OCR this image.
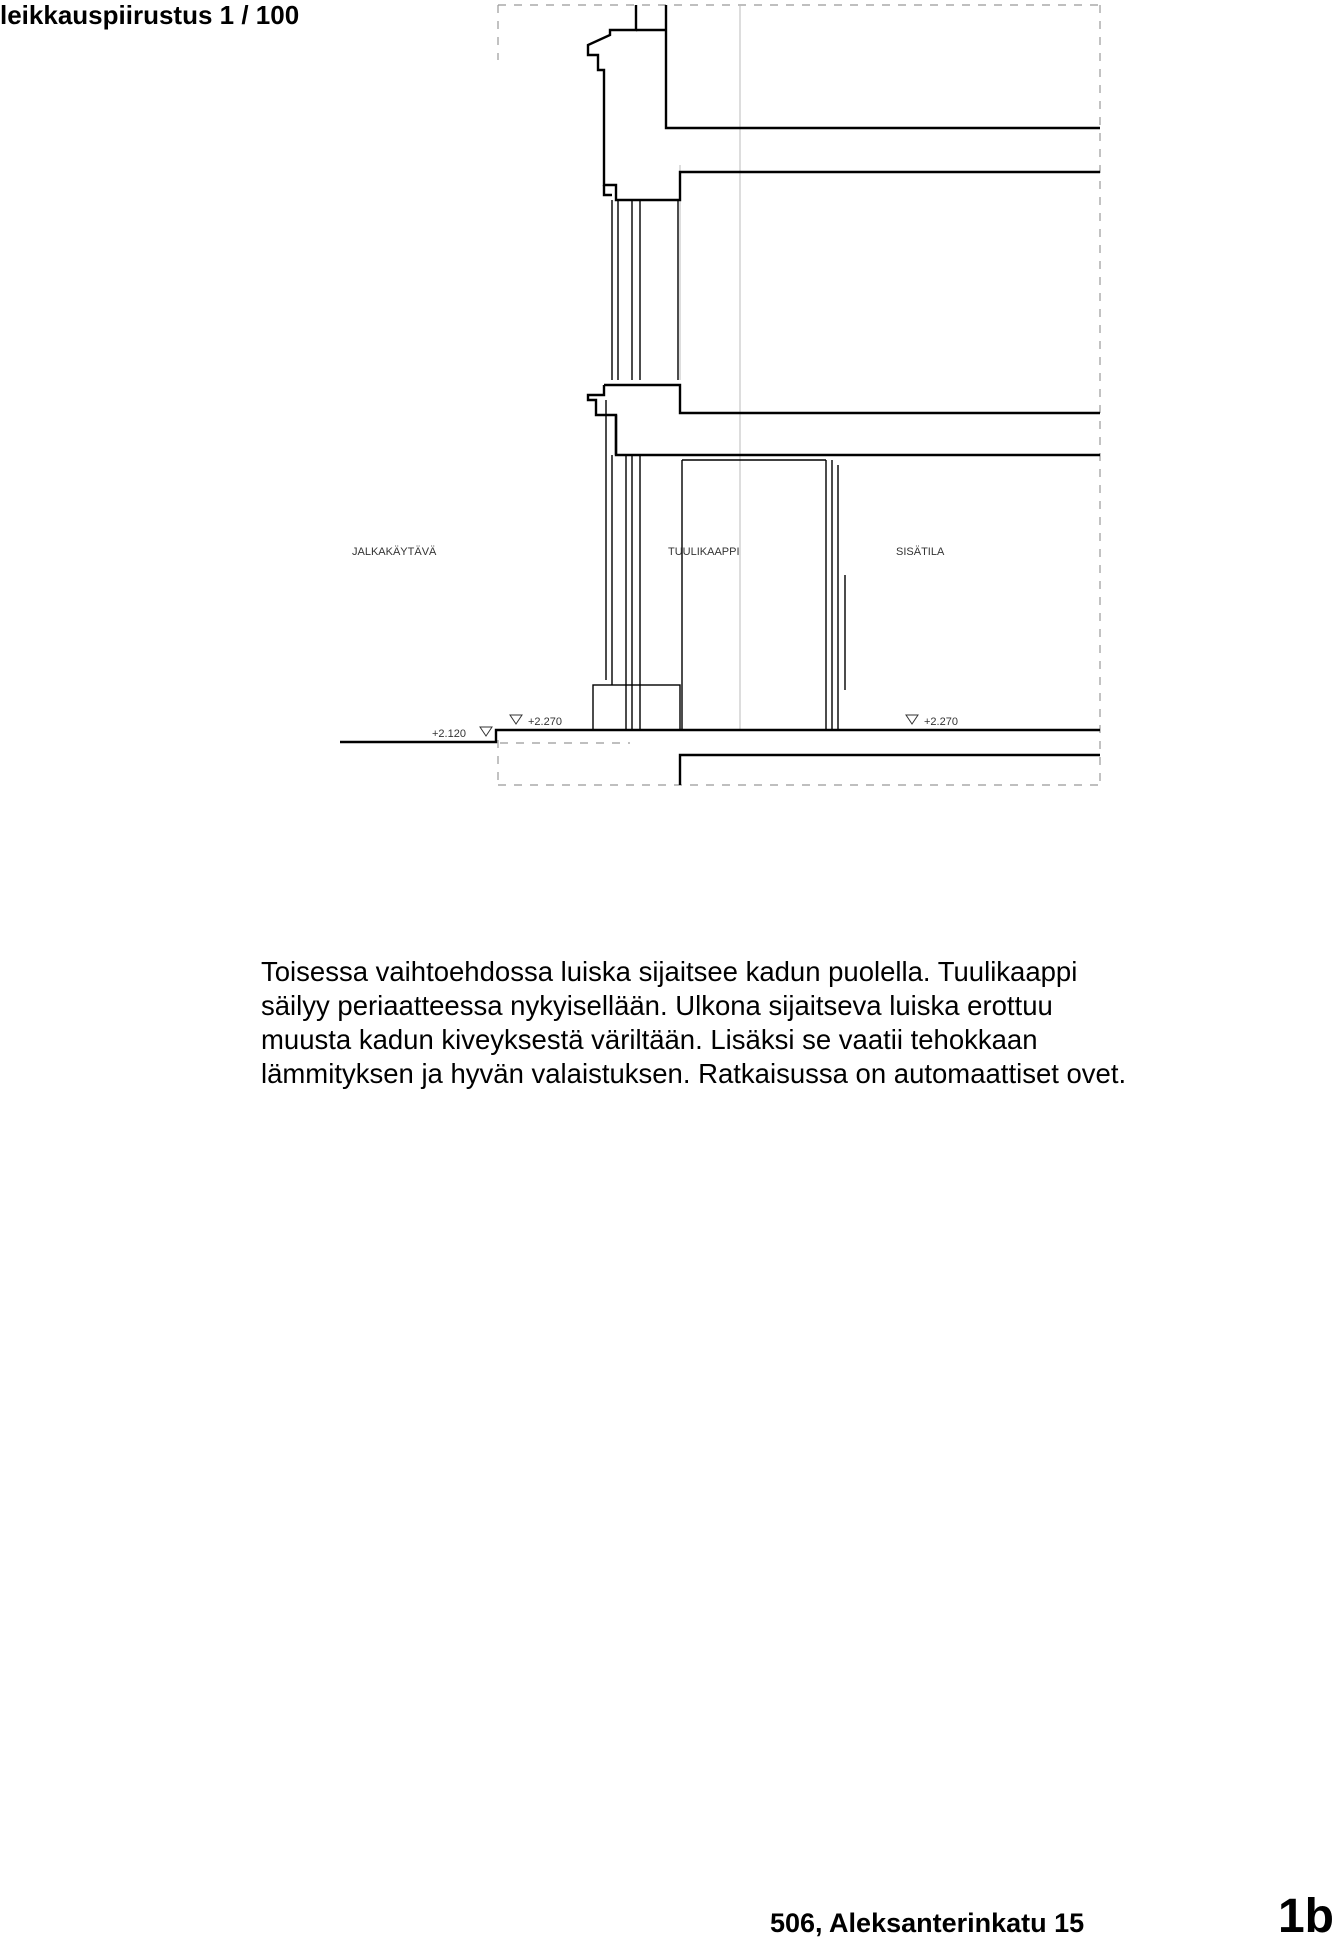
leikkauspiirustus 1 / 100
JALKAKÄYTÄVÄ	TUULIKAAPPI	SISÄTILA
+2.120
+2.270	+2.270
Toisessa vaihtoehdossa luiska sijaitsee kadun puolella. Tuulikaappi
säilyy periaatteessa nykyisellään. Ulkona sijaitseva luiska erottuu
muusta kadun kiveyksestä väriltään. Lisäksi se vaatii tehokkaan
lämmityksen ja hyvän valaistuksen. Ratkaisussa on automaattiset ovet.
506, Aleksanterinkatu 15	1b
